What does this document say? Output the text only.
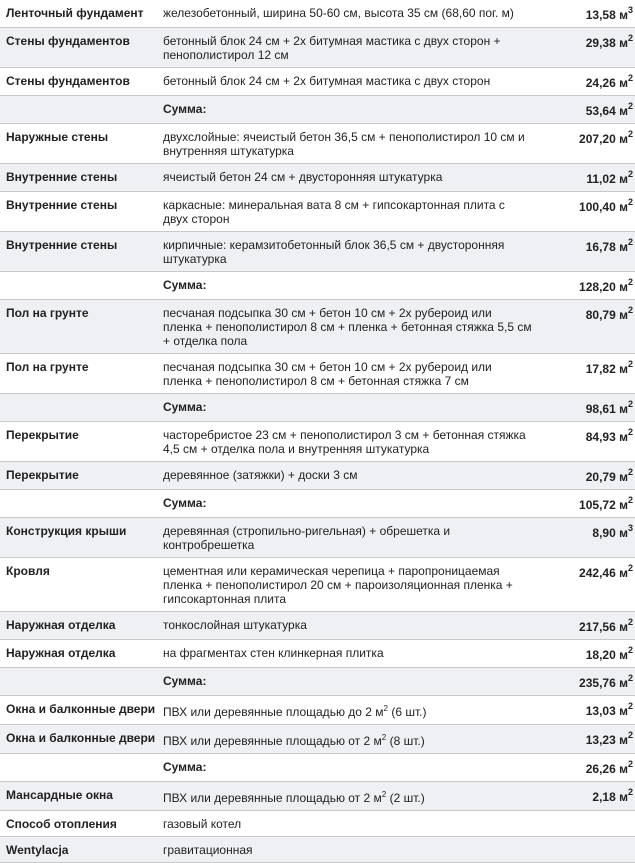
Ленточный фундамент	железобетонный, ширина 50-60 см, высота 35 см (68,60 пог. м)	13,58 $м^3$
Стены фундаментов	бетонный блок 24 см + 2х битумная мастика с двух сторон + пенополистирол 12 см	29,38 $м^2$
Стены фундаментов	бетонный блок 24 см + 2х битумная мастика с двух сторон	24,26 $м^2$
	Сумма:	53,64 $м^2$
Наружные стены	двухслойные: ячеистый бетон 36,5 см + пенополистирол 10 см и внутренняя штукатурка	207,20 $м^2$
Внутренние стены	ячеистый бетон 24 см + двусторонняя штукатурка	11,02 $м^2$
Внутренние стены	каркасные: минеральная вата 8 см + гипсокартонная плита с двух сторон	100,40 $м^2$
Внутренние стены	кирпичные: керамзитобетонный блок 36,5 см + двусторонняя штукатурка	16,78 $м^2$
	Сумма:	128,20 $м^2$
Пол на грунте	песчаная подсыпка 30 см + бетон 10 см + 2х рубероид или пленка + пенополистирол 8 см + пленка + бетонная стяжка 5,5 см + отделка пола	80,79 $м^2$
Пол на грунте	песчаная подсыпка 30 см + бетон 10 см + 2х рубероид или пленка + пенополистирол 8 см + бетонная стяжка 7 см	17,82 $м^2$
	Сумма:	98,61 $м^2$
Перекрытие	часторебристое 23 см + пенополистирол 3 см + бетонная стяжка 4,5 см + отделка пола и внутренняя штукатурка	84,93 $м^2$
Перекрытие	деревянное (затяжки) + доски 3 см	20,79 $м^2$
	Сумма:	105,72 $м^2$
Конструкция крыши	деревянная (стропильно-ригельная) + обрешетка и контробрешетка	8,90 $м^3$
Кровля	цементная или керамическая черепица + паропроницаемая пленка + пенополистирол 20 см + пароизоляционная пленка + гипсокартонная плита	242,46 $м^2$
Наружная отделка	тонкослойная штукатурка	217,56 $м^2$
Наружная отделка	на фрагментах стен клинкерная плитка	18,20 $м^2$
	Сумма:	235,76 $м^2$
Окна и балконные двери	ПВХ или деревянные площадью до 2 $м^2$ (6 шт.)	13,03 $м^2$
Окна и балконные двери	ПВХ или деревянные площадью от 2 $м^2$ (8 шт.)	13,23 $м^2$
	Сумма:	26,26 $м^2$
Мансардные окна	ПВХ или деревянные площадью от 2 $м^2$ (2 шт.)	2,18 $м^2$
Способ отопления	газовый котел	
Wentylacja	гравитационная	
